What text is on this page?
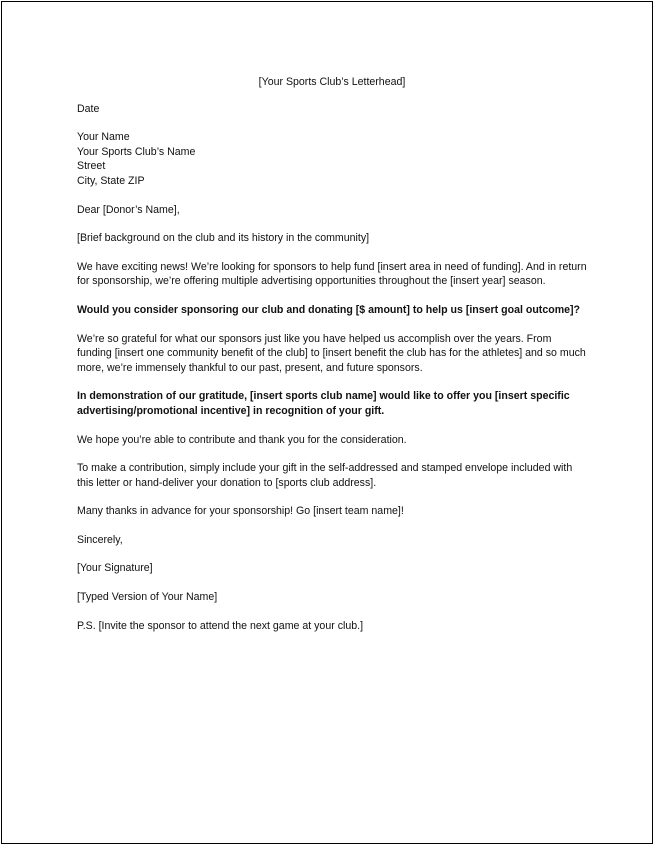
[Your Sports Club’s Letterhead]

Date

Your Name
Your Sports Club’s Name
Street
City, State ZIP

Dear [Donor’s Name],

[Brief background on the club and its history in the community]

We have exciting news! We’re looking for sponsors to help fund [insert area in need of funding]. And in return for sponsorship, we’re offering multiple advertising opportunities throughout the [insert year] season.

Would you consider sponsoring our club and donating [$ amount] to help us [insert goal outcome]?

We’re so grateful for what our sponsors just like you have helped us accomplish over the years. From funding [insert one community benefit of the club] to [insert benefit the club has for the athletes] and so much more, we’re immensely thankful to our past, present, and future sponsors.

In demonstration of our gratitude, [insert sports club name] would like to offer you [insert specific advertising/promotional incentive] in recognition of your gift.

We hope you’re able to contribute and thank you for the consideration.

To make a contribution, simply include your gift in the self-addressed and stamped envelope included with this letter or hand-deliver your donation to [sports club address].

Many thanks in advance for your sponsorship! Go [insert team name]!

Sincerely,

[Your Signature]

[Typed Version of Your Name]

P.S. [Invite the sponsor to attend the next game at your club.]
